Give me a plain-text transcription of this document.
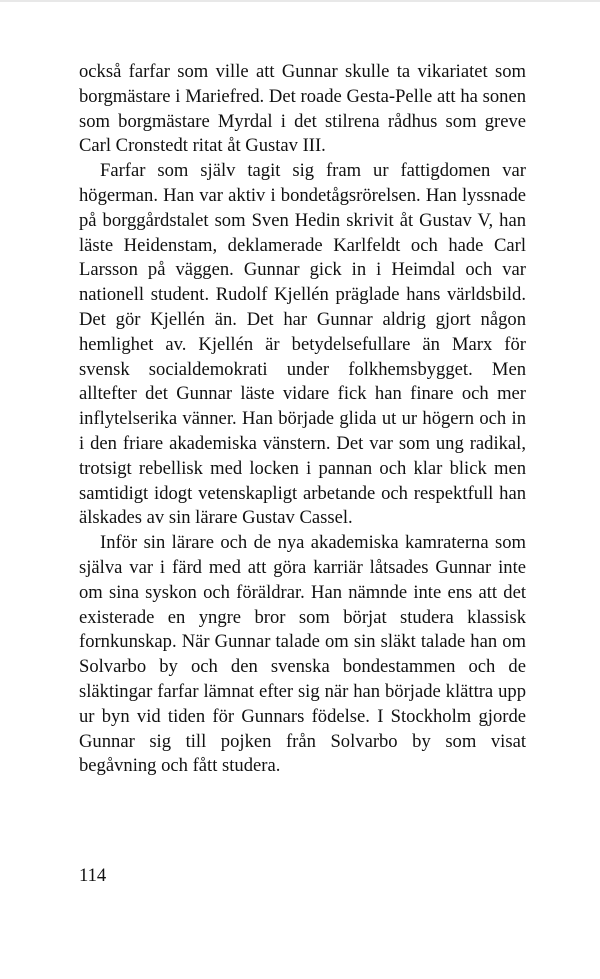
också farfar som ville att Gunnar skulle ta vikariatet som borgmästare i Mariefred. Det roade Gesta-Pelle att ha sonen som borgmästare Myrdal i det stilrena rådhus som greve Carl Cronstedt ritat åt Gustav III.

Farfar som själv tagit sig fram ur fattigdomen var högerman. Han var aktiv i bondetågsrörelsen. Han lyssnade på borggårdstalet som Sven Hedin skrivit åt Gustav V, han läste Heidenstam, deklamerade Karlfeldt och hade Carl Larsson på väggen. Gunnar gick in i Heimdal och var nationell student. Rudolf Kjellén präglade hans världsbild. Det gör Kjellén än. Det har Gunnar aldrig gjort någon hemlighet av. Kjellén är betydelsefullare än Marx för svensk socialdemokrati under folkhemsbygget. Men alltefter det Gunnar läste vidare fick han finare och mer inflytelserika vänner. Han började glida ut ur högern och in i den friare akademiska vänstern. Det var som ung radikal, trotsigt rebellisk med locken i pannan och klar blick men samtidigt idogt vetenskapligt arbetande och respektfull han älskades av sin lärare Gustav Cassel.

Inför sin lärare och de nya akademiska kamraterna som själva var i färd med att göra karriär låtsades Gunnar inte om sina syskon och föräldrar. Han nämnde inte ens att det existerade en yngre bror som börjat studera klassisk fornkunskap. När Gunnar talade om sin släkt talade han om Solvarbo by och den svenska bondestammen och de släktingar farfar lämnat efter sig när han började klättra upp ur byn vid tiden för Gunnars födelse. I Stockholm gjorde Gunnar sig till pojken från Solvarbo by som visat begåvning och fått studera.

114
